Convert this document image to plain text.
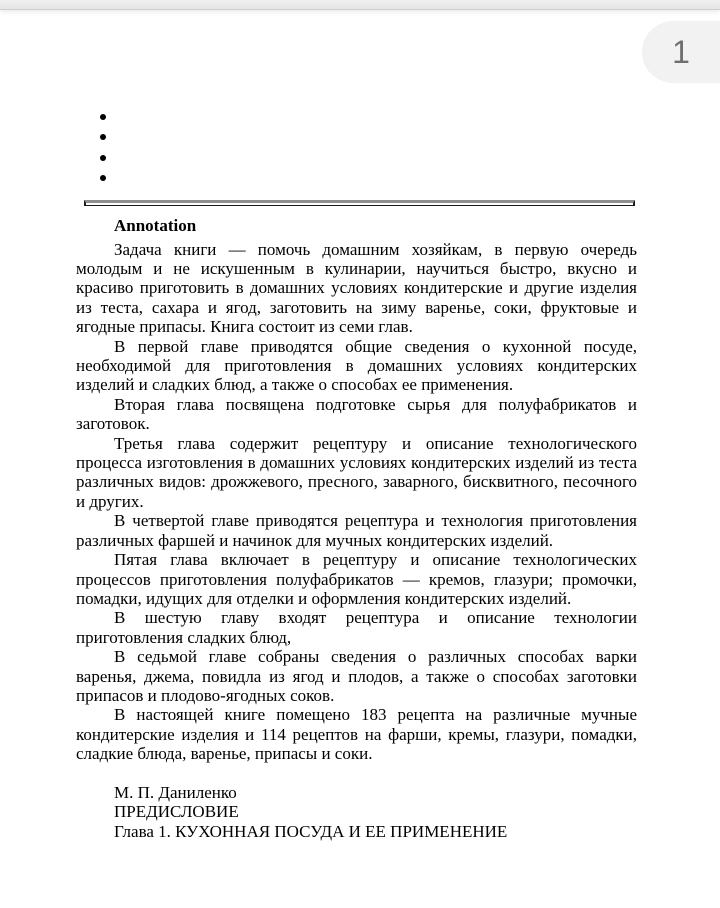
1

Annotation

Задача книги — помочь домашним хозяйкам, в первую очередь молодым и не искушенным в кулинарии, научиться быстро, вкусно и красиво приготовить в домашних условиях кондитерские и другие изделия из теста, сахара и ягод, заготовить на зиму варенье, соки, фруктовые и ягодные припасы. Книга состоит из семи глав.

В первой главе приводятся общие сведения о кухонной посуде, необходимой для приготовления в домашних условиях кондитерских изделий и сладких блюд, а также о способах ее применения.

Вторая глава посвящена подготовке сырья для полуфабрикатов и заготовок.

Третья глава содержит рецептуру и описание технологического процесса изготовления в домашних условиях кондитерских изделий из теста различных видов: дрожжевого, пресного, заварного, бисквитного, песочного и других.

В четвертой главе приводятся рецептура и технология приготовления различных фаршей и начинок для мучных кондитерских изделий.

Пятая глава включает в рецептуру и описание технологических процессов приготовления полуфабрикатов — кремов, глазури; промочки, помадки, идущих для отделки и оформления кондитерских изделий.

В шестую главу входят рецептура и описание технологии приготовления сладких блюд,

В седьмой главе собраны сведения о различных способах варки варенья, джема, повидла из ягод и плодов, а также о способах заготовки припасов и плодово-ягодных соков.

В настоящей книге помещено 183 рецепта на различные мучные кондитерские изделия и 114 рецептов на фарши, кремы, глазури, помадки, сладкие блюда, варенье, припасы и соки.

М. П. Даниленко

ПРЕДИСЛОВИЕ

Глава 1. КУХОННАЯ ПОСУДА И ЕЕ ПРИМЕНЕНИЕ
